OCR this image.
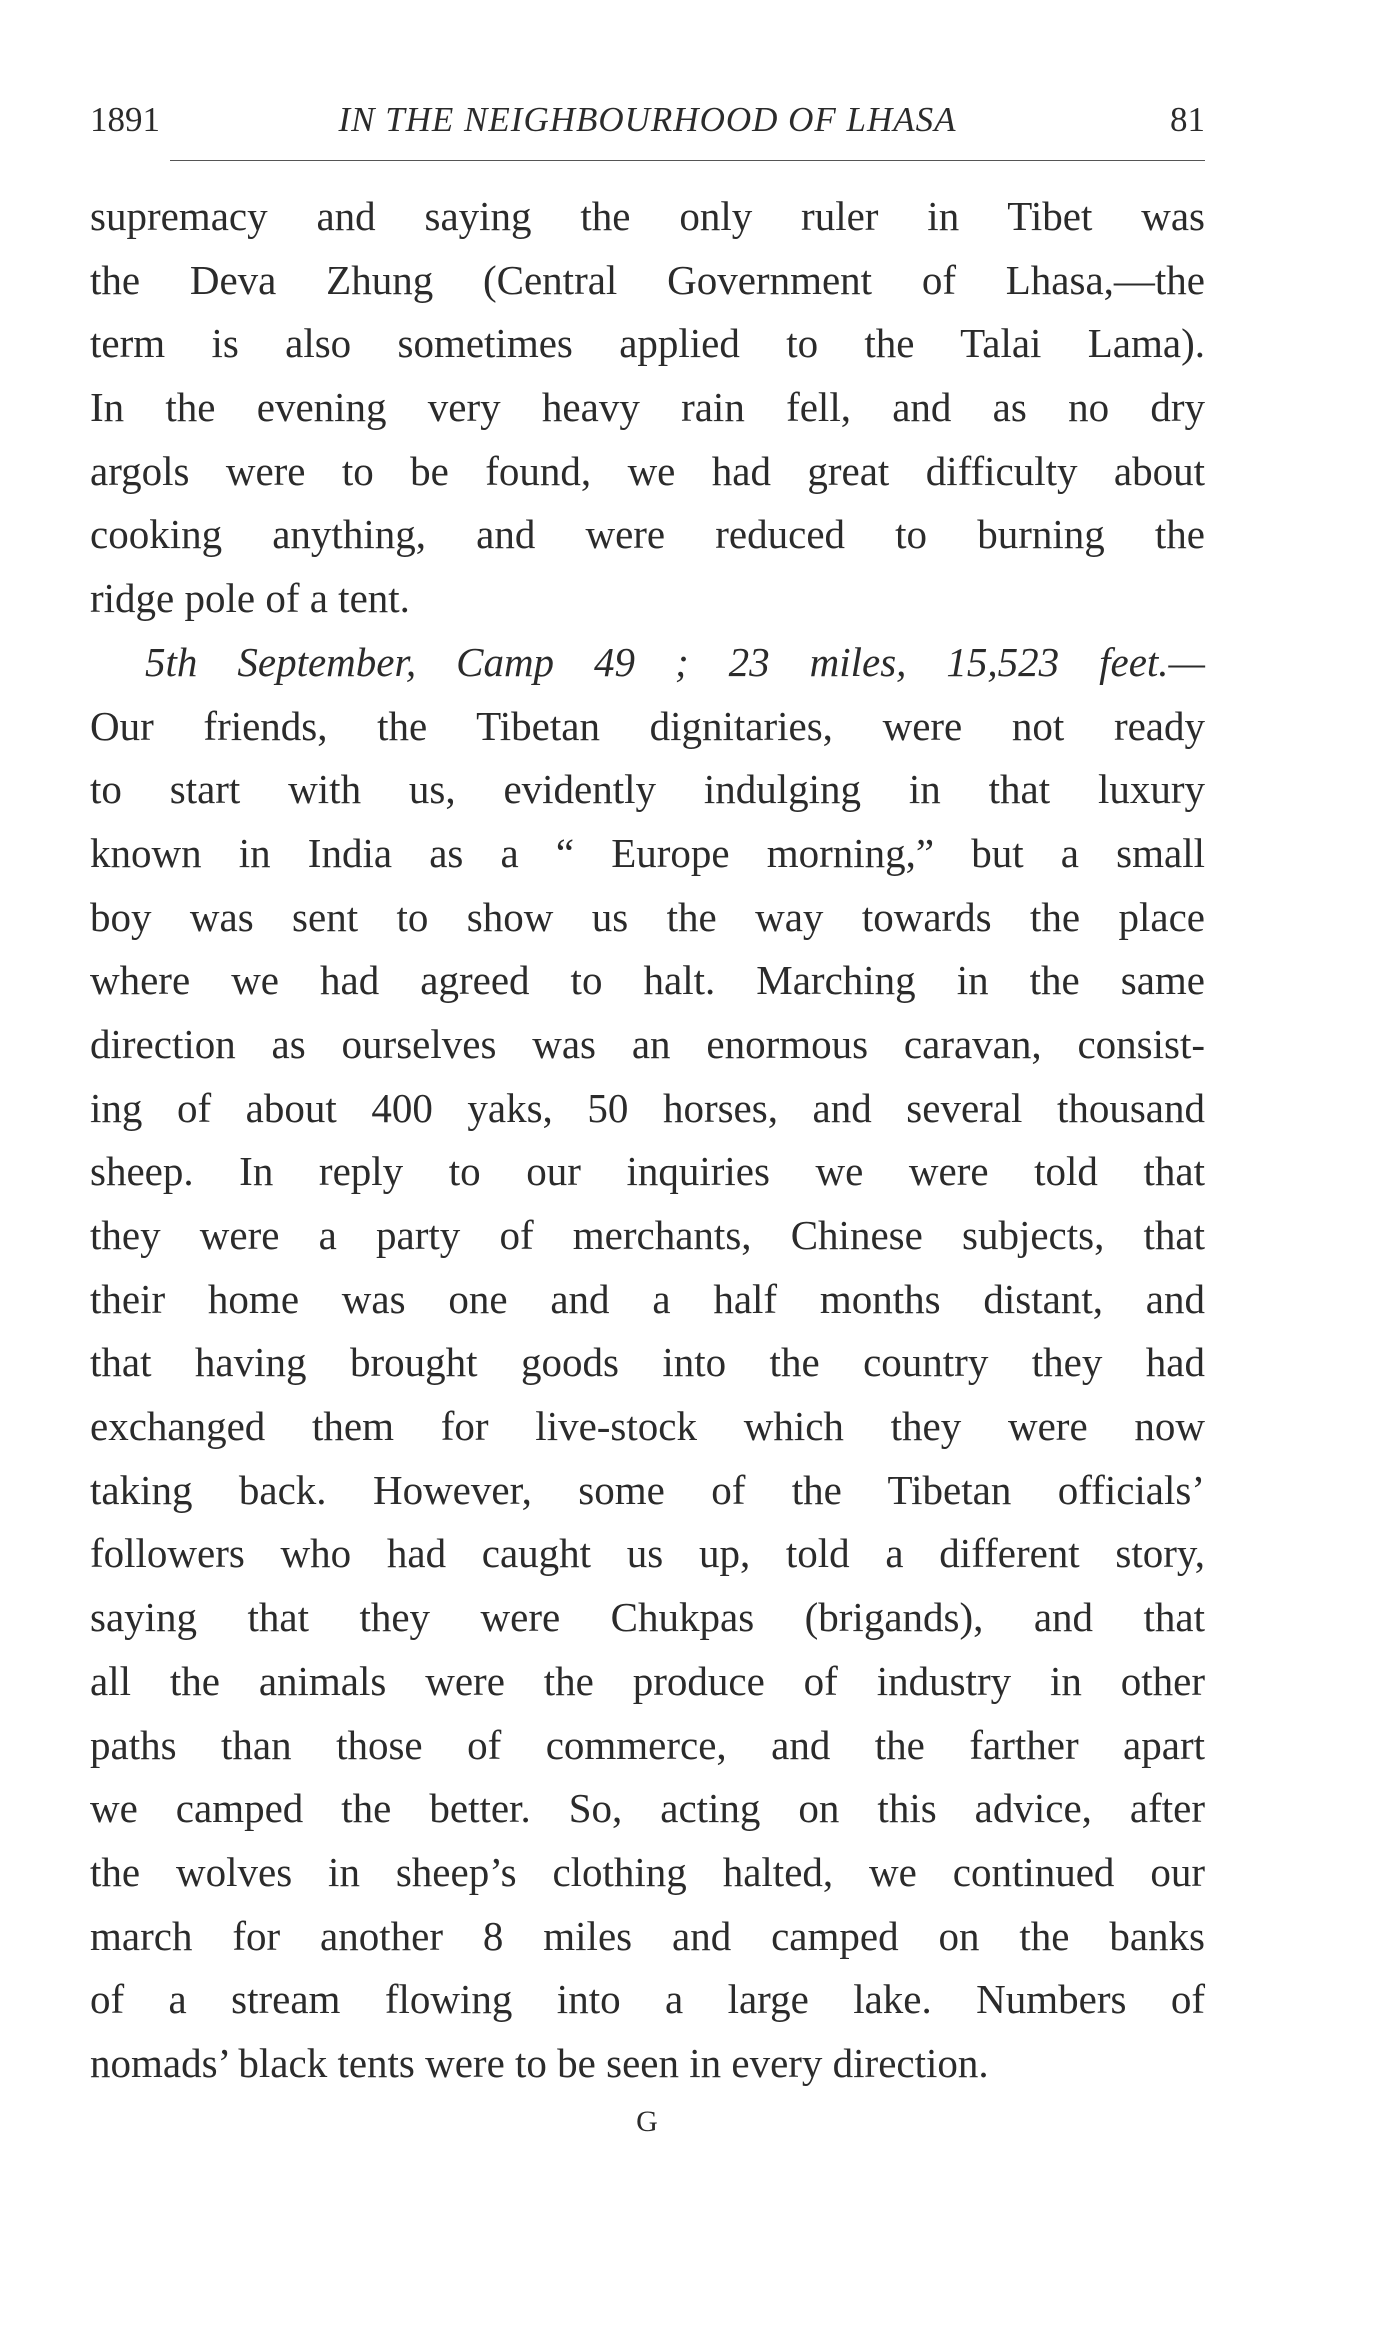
1891	IN THE NEIGHBOURHOOD OF LHASA	81
supremacy and saying the only ruler in Tibet was
the Deva Zhung (Central Government of Lhasa,—the
term is also sometimes applied to the Talai Lama).
In the evening very heavy rain fell, and as no dry
argols were to be found, we had great difficulty about
cooking anything, and were reduced to burning the
ridge pole of a tent.
5th September, Camp 49 ; 23 miles, 15,523 feet.—
Our friends, the Tibetan dignitaries, were not ready
to start with us, evidently indulging in that luxury
known in India as a “ Europe morning,” but a small
boy was sent to show us the way towards the place
where we had agreed to halt. Marching in the same
direction as ourselves was an enormous caravan, consist-
ing of about 400 yaks, 50 horses, and several thousand
sheep. In reply to our inquiries we were told that
they were a party of merchants, Chinese subjects, that
their home was one and a half months distant, and
that having brought goods into the country they had
exchanged them for live-stock which they were now
taking back. However, some of the Tibetan officials’
followers who had caught us up, told a different story,
saying that they were Chukpas (brigands), and that
all the animals were the produce of industry in other
paths than those of commerce, and the farther apart
we camped the better. So, acting on this advice, after
the wolves in sheep’s clothing halted, we continued our
march for another 8 miles and camped on the banks
of a stream flowing into a large lake. Numbers of
nomads’ black tents were to be seen in every direction.
G
